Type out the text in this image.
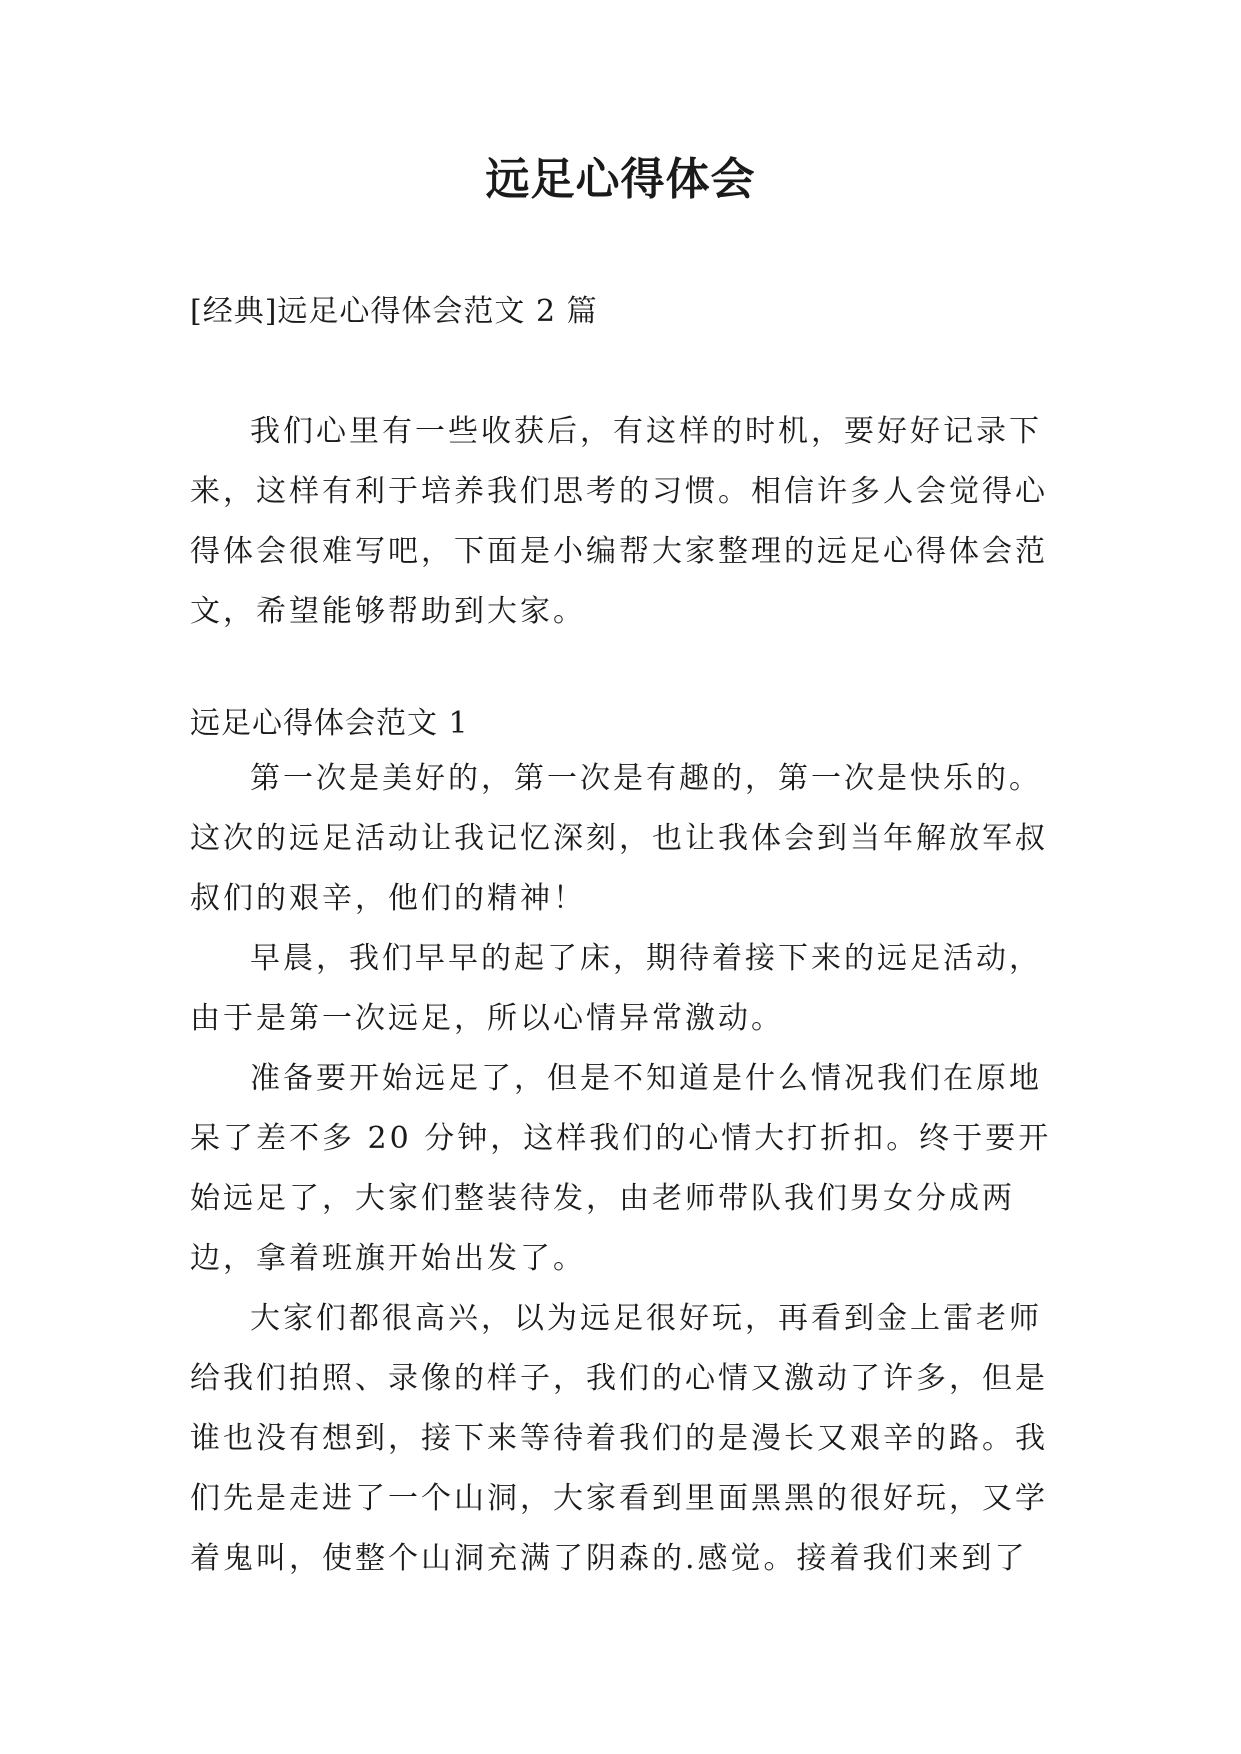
远足心得体会

[经典]远足心得体会范文 2 篇

我们心里有一些收获后，有这样的时机，要好好记录下来，这样有利于培养我们思考的习惯。相信许多人会觉得心得体会很难写吧，下面是小编帮大家整理的远足心得体会范文，希望能够帮助到大家。

远足心得体会范文 1

第一次是美好的，第一次是有趣的，第一次是快乐的。这次的远足活动让我记忆深刻，也让我体会到当年解放军叔叔们的艰辛，他们的精神！

早晨，我们早早的起了床，期待着接下来的远足活动，由于是第一次远足，所以心情异常激动。

准备要开始远足了，但是不知道是什么情况我们在原地呆了差不多 20 分钟，这样我们的心情大打折扣。终于要开始远足了，大家们整装待发，由老师带队我们男女分成两边，拿着班旗开始出发了。

大家们都很高兴，以为远足很好玩，再看到金上雷老师给我们拍照、录像的样子，我们的心情又激动了许多，但是谁也没有想到，接下来等待着我们的是漫长又艰辛的路。我们先是走进了一个山洞，大家看到里面黑黑的很好玩，又学着鬼叫，使整个山洞充满了阴森的.感觉。接着我们来到了
